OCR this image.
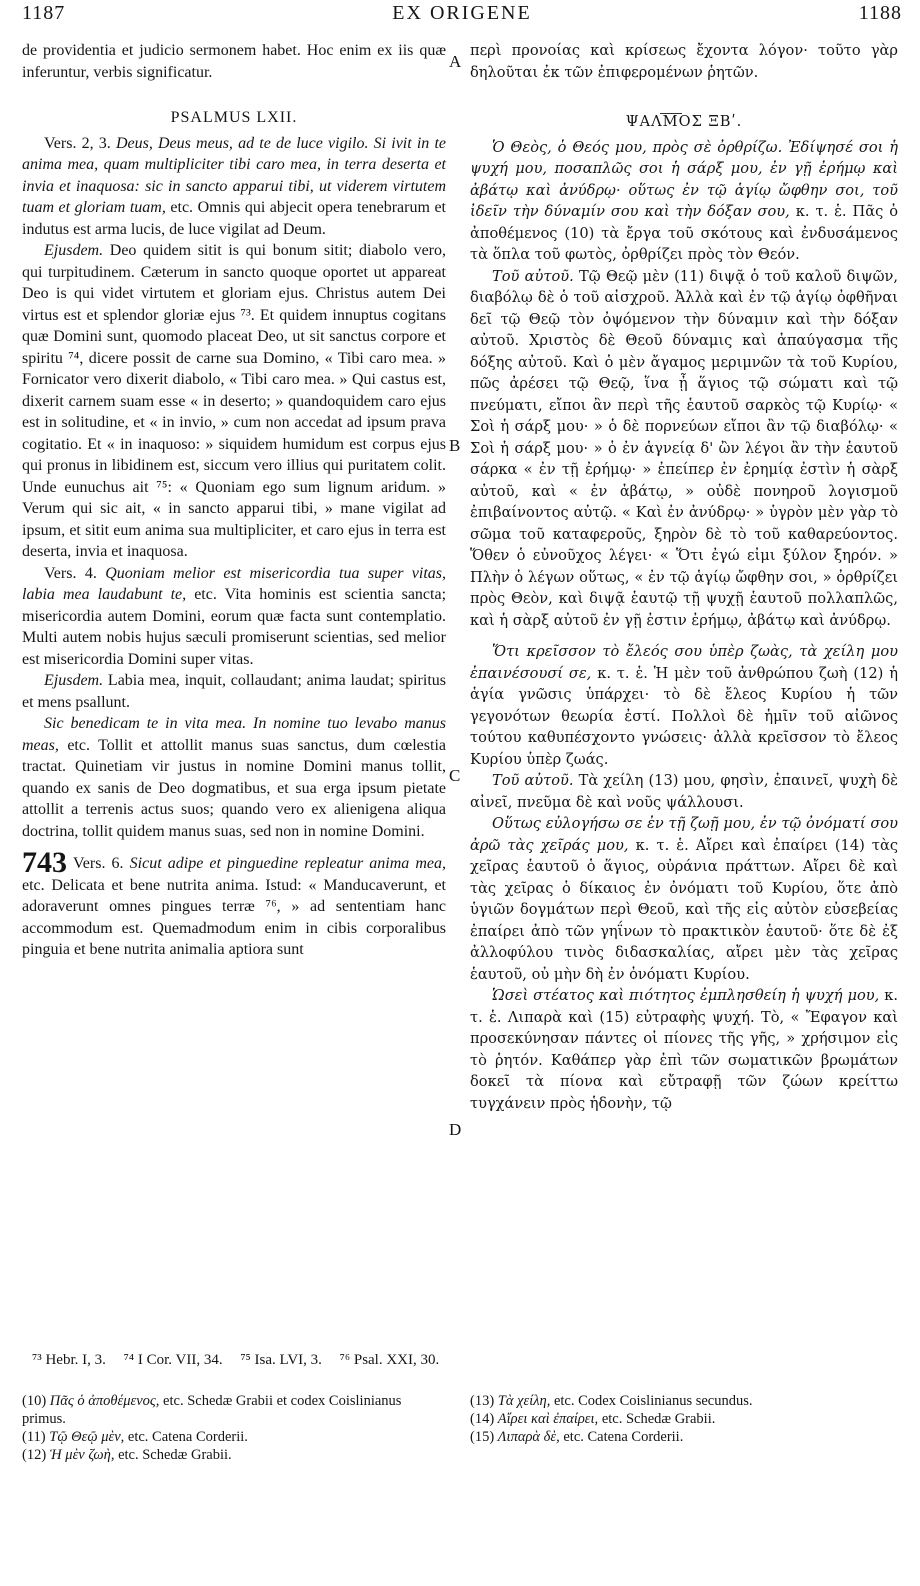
1187	EX ORIGENE	1188

de providentia et judicio sermonem habet. Hoc enim ex iis quæ inferuntur, verbis significatur.

PSALMUS LXII.

Vers. 2, 3. Deus, Deus meus, ad te de luce vigilo. Si ivit in te anima mea, quam multipliciter tibi caro mea, in terra deserta et invia et inaquosa: sic in sancto apparui tibi, ut viderem virtutem tuam et gloriam tuam, etc. Omnis qui abjecit opera tenebrarum et indutus est arma lucis, de luce vigilat ad Deum.

Ejusdem. Deo quidem sitit is qui bonum sitit; diabolo vero, qui turpitudinem. Cæterum in sancto quoque oportet ut appareat Deo is qui videt virtutem et gloriam ejus. Christus autem Dei virtus est et splendor gloriæ ejus ⁷³. Et quidem innuptus cogitans quæ Domini sunt, quomodo placeat Deo, ut sit sanctus corpore et spiritu ⁷⁴, dicere possit de carne sua Domino, « Tibi caro mea. » Fornicator vero dixerit diabolo, « Tibi caro mea. » Qui castus est, dixerit carnem suam esse « in deserto; » quandoquidem caro ejus est in solitudine, et « in invio, » cum non accedat ad ipsum prava cogitatio. Et « in inaquoso: » siquidem humidum est corpus ejus qui pronus in libidinem est, siccum vero illius qui puritatem colit. Unde eunuchus ait ⁷⁵: « Quoniam ego sum lignum aridum. » Verum qui sic ait, « in sancto apparui tibi, » mane vigilat ad ipsum, et sitit eum anima sua multipliciter, et caro ejus in terra est deserta, invia et inaquosa.

Vers. 4. Quoniam melior est misericordia tua super vitas, labia mea laudabunt te, etc. Vita hominis est scientia sancta; misericordia autem Domini, eorum quæ facta sunt contemplatio. Multi autem nobis hujus sæculi promiserunt scientias, sed melior est misericordia Domini super vitas.

Ejusdem. Labia mea, inquit, collaudant; anima laudat; spiritus et mens psallunt.

Sic benedicam te in vita mea. In nomine tuo levabo manus meas, etc. Tollit et attollit manus suas sanctus, dum cœlestia tractat. Quinetiam vir justus in nomine Domini manus tollit, quando ex sanis de Deo dogmatibus, et sua erga ipsum pietate attollit a terrenis actus suos; quando vero ex alienigena aliqua doctrina, tollit quidem manus suas, sed non in nomine Domini.

743 Vers. 6. Sicut adipe et pinguedine repleatur anima mea, etc. Delicata et bene nutrita anima. Istud: « Manducaverunt, et adoraverunt omnes pingues terræ ⁷⁶, » ad sententiam hanc accommodum est. Quemadmodum enim in cibis corporalibus pinguia et bene nutrita animalia aptiora sunt

A
B
C
D

περὶ προνοίας καὶ κρίσεως ἔχοντα λόγον· τοῦτο γὰρ δηλοῦται ἐκ τῶν ἐπιφερομένων ῥητῶν.

ΨΑΛΜΟΣ ΞΒʹ.

Ὁ Θεὸς, ὁ Θεός μου, πρὸς σὲ ὀρθρίζω. Ἐδίψησέ σοι ἡ ψυχή μου, ποσαπλῶς σοι ἡ σάρξ μου, ἐν γῇ ἐρήμῳ καὶ ἀβάτῳ καὶ ἀνύδρῳ· οὕτως ἐν τῷ ἁγίῳ ὤφθην σοι, τοῦ ἰδεῖν τὴν δύναμίν σου καὶ τὴν δόξαν σου, κ. τ. ἑ. Πᾶς ὁ ἀποθέμενος (10) τὰ ἔργα τοῦ σκότους καὶ ἐνδυσάμενος τὰ ὅπλα τοῦ φωτὸς, ὀρθρίζει πρὸς τὸν Θεόν.

Τοῦ αὐτοῦ. Τῷ Θεῷ μὲν (11) διψᾷ ὁ τοῦ καλοῦ διψῶν, διαβόλῳ δὲ ὁ τοῦ αἰσχροῦ. Ἀλλὰ καὶ ἐν τῷ ἁγίῳ ὀφθῆναι δεῖ τῷ Θεῷ τὸν ὀψόμενον τὴν δύναμιν καὶ τὴν δόξαν αὐτοῦ. Χριστὸς δὲ Θεοῦ δύναμις καὶ ἀπαύγασμα τῆς δόξης αὐτοῦ. Καὶ ὁ μὲν ἄγαμος μεριμνῶν τὰ τοῦ Κυρίου, πῶς ἀρέσει τῷ Θεῷ, ἵνα ᾖ ἅγιος τῷ σώματι καὶ τῷ πνεύματι, εἴποι ἂν περὶ τῆς ἑαυτοῦ σαρκὸς τῷ Κυρίῳ· « Σοὶ ἡ σάρξ μου· » ὁ δὲ πορνεύων εἴποι ἂν τῷ διαβόλῳ· « Σοὶ ἡ σάρξ μου· » ὁ ἐν ἁγνείᾳ δ' ὢν λέγοι ἂν τὴν ἑαυτοῦ σάρκα « ἐν τῇ ἐρήμῳ· » ἐπείπερ ἐν ἐρημίᾳ ἐστὶν ἡ σὰρξ αὐτοῦ, καὶ « ἐν ἀβάτῳ, » οὐδὲ πονηροῦ λογισμοῦ ἐπιβαίνοντος αὐτῷ. « Καὶ ἐν ἀνύδρῳ· » ὑγρὸν μὲν γὰρ τὸ σῶμα τοῦ καταφεροῦς, ξηρὸν δὲ τὸ τοῦ καθαρεύοντος. Ὅθεν ὁ εὐνοῦχος λέγει· « Ὅτι ἐγώ εἰμι ξύλον ξηρόν. » Πλὴν ὁ λέγων οὕτως, « ἐν τῷ ἁγίῳ ὤφθην σοι, » ὀρθρίζει πρὸς Θεὸν, καὶ διψᾷ ἑαυτῷ τῇ ψυχῇ ἑαυτοῦ πολλαπλῶς, καὶ ἡ σὰρξ αὐτοῦ ἐν γῇ ἐστιν ἐρήμῳ, ἀβάτῳ καὶ ἀνύδρῳ.

Ὅτι κρεῖσσον τὸ ἔλεός σου ὑπὲρ ζωὰς, τὰ χείλη μου ἐπαινέσουσί σε, κ. τ. ἑ. Ἡ μὲν τοῦ ἀνθρώπου ζωὴ (12) ἡ ἁγία γνῶσις ὑπάρχει· τὸ δὲ ἔλεος Κυρίου ἡ τῶν γεγονότων θεωρία ἐστί. Πολλοὶ δὲ ἡμῖν τοῦ αἰῶνος τούτου καθυπέσχοντο γνώσεις· ἀλλὰ κρεῖσσον τὸ ἔλεος Κυρίου ὑπὲρ ζωάς.

Τοῦ αὐτοῦ. Τὰ χείλη (13) μου, φησὶν, ἐπαινεῖ, ψυχὴ δὲ αἰνεῖ, πνεῦμα δὲ καὶ νοῦς ψάλλουσι.

Οὕτως εὐλογήσω σε ἐν τῇ ζωῇ μου, ἐν τῷ ὀνόματί σου ἀρῶ τὰς χεῖράς μου, κ. τ. ἑ. Αἴρει καὶ ἐπαίρει (14) τὰς χεῖρας ἑαυτοῦ ὁ ἅγιος, οὐράνια πράττων. Αἴρει δὲ καὶ τὰς χεῖρας ὁ δίκαιος ἐν ὀνόματι τοῦ Κυρίου, ὅτε ἀπὸ ὑγιῶν δογμάτων περὶ Θεοῦ, καὶ τῆς εἰς αὐτὸν εὐσεβείας ἐπαίρει ἀπὸ τῶν γηΐνων τὸ πρακτικὸν ἑαυτοῦ· ὅτε δὲ ἐξ ἀλλοφύλου τινὸς διδασκαλίας, αἴρει μὲν τὰς χεῖρας ἑαυτοῦ, οὐ μὴν δὴ ἐν ὀνόματι Κυρίου.

Ὡσεὶ στέατος καὶ πιότητος ἐμπλησθείη ἡ ψυχή μου, κ. τ. ἑ. Λιπαρὰ καὶ (15) εὐτραφὴς ψυχή. Τὸ, « Ἔφαγον καὶ προσεκύνησαν πάντες οἱ πίονες τῆς γῆς, » χρήσιμον εἰς τὸ ῥητόν. Καθάπερ γὰρ ἐπὶ τῶν σωματικῶν βρωμάτων δοκεῖ τὰ πίονα καὶ εὔτραφῇ τῶν ζώων κρείττω τυγχάνειν πρὸς ἡδονὴν, τῷ

⁷³ Hebr. I, 3. ⁷⁴ I Cor. VII, 34. ⁷⁵ Isa. LVI, 3. ⁷⁶ Psal. XXI, 30.
(10) Πᾶς ὁ ἀποθέμενος, etc. Schedæ Grabii et codex Coislinianus primus.
(11) Τῷ Θεῷ μὲν, etc. Catena Corderii.
(12) Ἡ μὲν ζωὴ, etc. Schedæ Grabii.
(13) Τὰ χείλη, etc. Codex Coislinianus secundus.
(14) Αἴρει καὶ ἐπαίρει, etc. Schedæ Grabii.
(15) Λιπαρὰ δὲ, etc. Catena Corderii.
